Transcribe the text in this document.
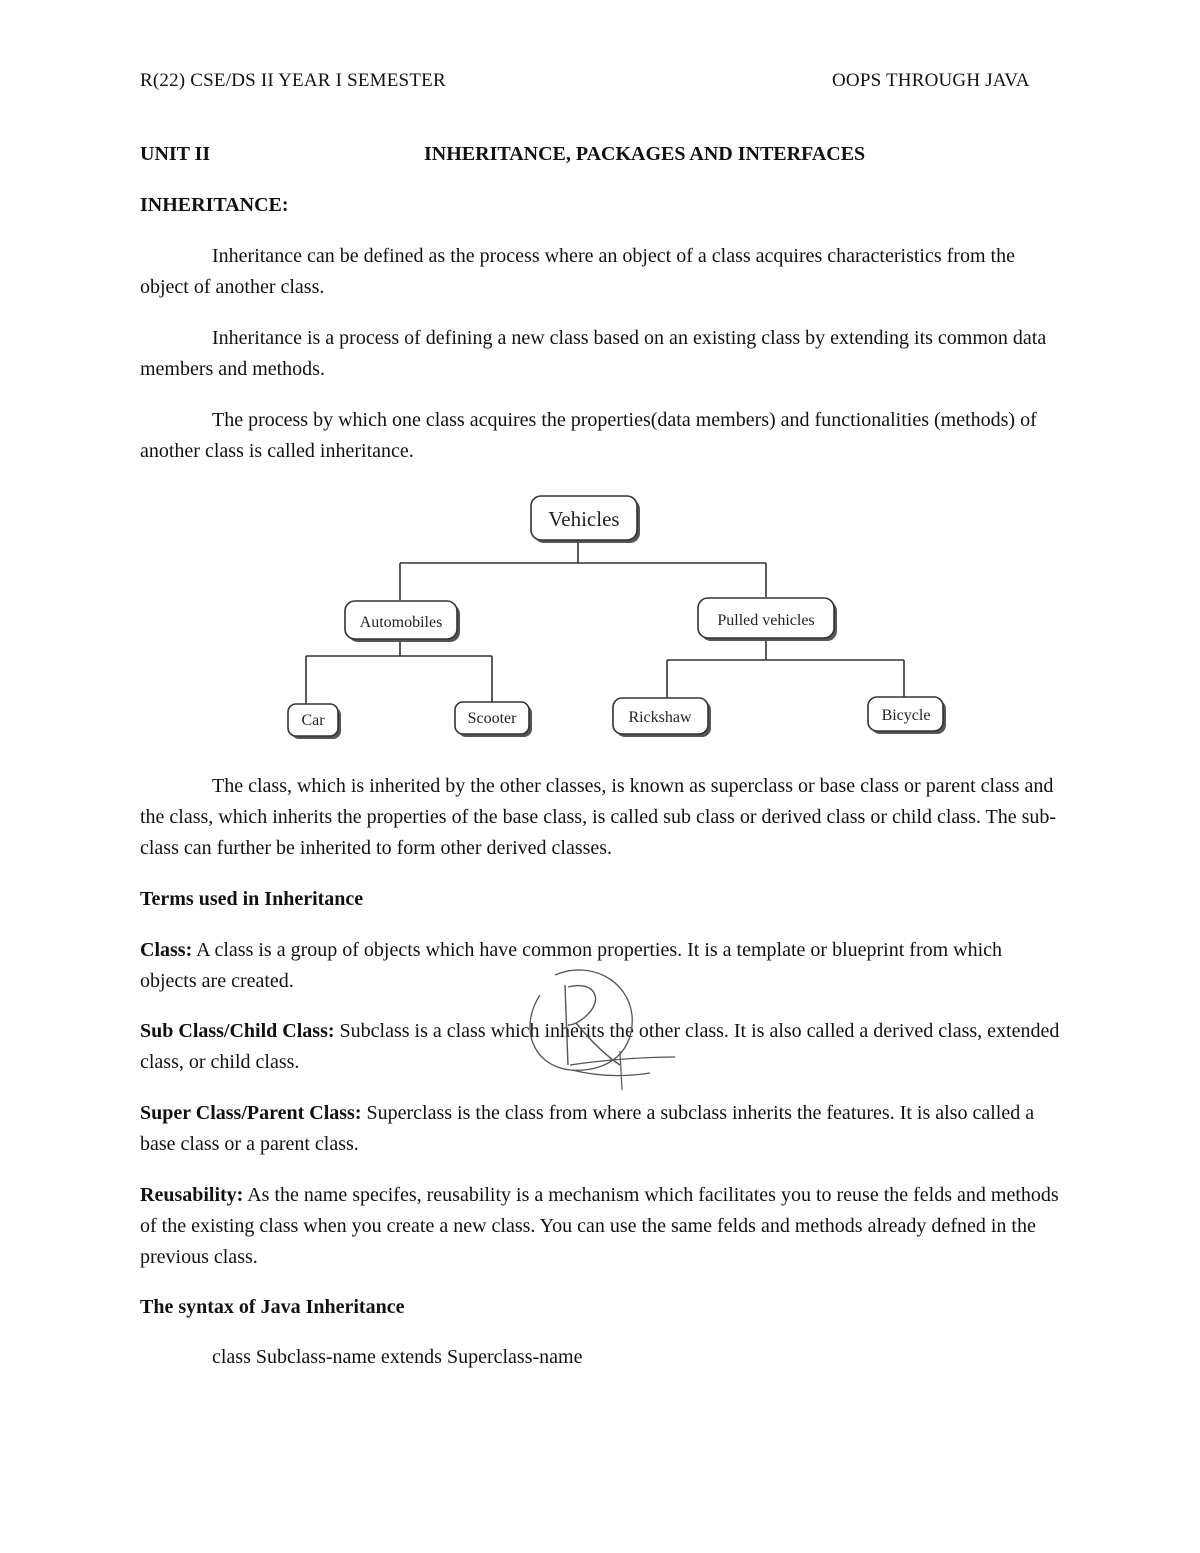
R(22) CSE/DS II YEAR I SEMESTER	OOPS THROUGH JAVA
UNIT II	INHERITANCE, PACKAGES AND INTERFACES
INHERITANCE:
Inheritance can be defined as the process where an object of a class acquires characteristics from the object of another class.
Inheritance is a process of defining a new class based on an existing class by extending its common data members and methods.
The process by which one class acquires the properties(data members) and functionalities (methods) of another class is called inheritance.
Vehicles
Automobiles	Pulled vehicles
Car	Scooter	Rickshaw	Bicycle
The class, which is inherited by the other classes, is known as superclass or base class or parent class and the class, which inherits the properties of the base class, is called sub class or derived class or child class. The sub-class can further be inherited to form other derived classes.
Terms used in Inheritance
Class: A class is a group of objects which have common properties. It is a template or blueprint from which objects are created.
Sub Class/Child Class: Subclass is a class which inherits the other class. It is also called a derived class, extended class, or child class.
Super Class/Parent Class: Superclass is the class from where a subclass inherits the features. It is also called a base class or a parent class.
Reusability: As the name specifes, reusability is a mechanism which facilitates you to reuse the felds and methods of the existing class when you create a new class. You can use the same felds and methods already defned in the previous class.
The syntax of Java Inheritance
class Subclass-name extends Superclass-name
